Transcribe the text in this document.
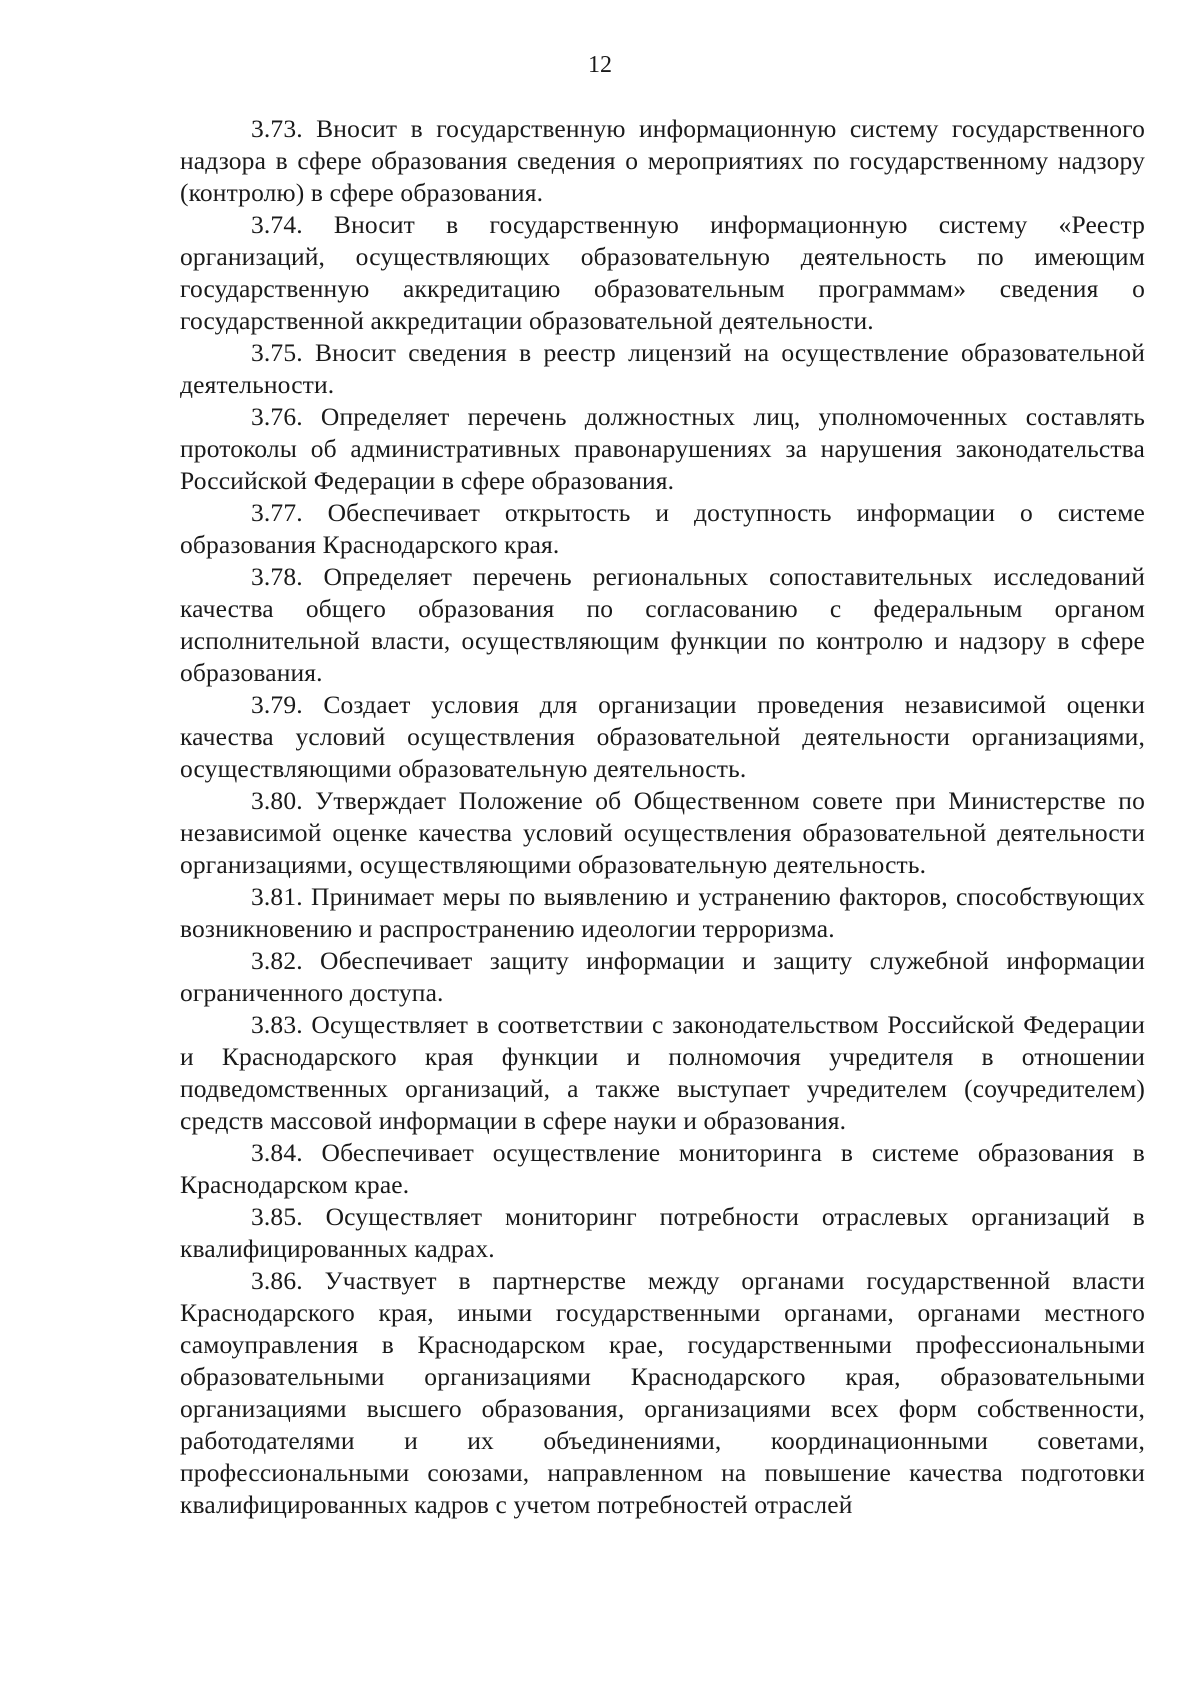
12

3.73. Вносит в государственную информационную систему государственного надзора в сфере образования сведения о мероприятиях по государственному надзору (контролю) в сфере образования.

3.74. Вносит в государственную информационную систему «Реестр организаций, осуществляющих образовательную деятельность по имеющим государственную аккредитацию образовательным программам» сведения о государственной аккредитации образовательной деятельности.

3.75. Вносит сведения в реестр лицензий на осуществление образовательной деятельности.

3.76. Определяет перечень должностных лиц, уполномоченных составлять протоколы об административных правонарушениях за нарушения законодательства Российской Федерации в сфере образования.

3.77. Обеспечивает открытость и доступность информации о системе образования Краснодарского края.

3.78. Определяет перечень региональных сопоставительных исследований качества общего образования по согласованию с федеральным органом исполнительной власти, осуществляющим функции по контролю и надзору в сфере образования.

3.79. Создает условия для организации проведения независимой оценки качества условий осуществления образовательной деятельности организациями, осуществляющими образовательную деятельность.

3.80. Утверждает Положение об Общественном совете при Министерстве по независимой оценке качества условий осуществления образовательной деятельности организациями, осуществляющими образовательную деятельность.

3.81. Принимает меры по выявлению и устранению факторов, способствующих возникновению и распространению идеологии терроризма.

3.82. Обеспечивает защиту информации и защиту служебной информации ограниченного доступа.

3.83. Осуществляет в соответствии с законодательством Российской Федерации и Краснодарского края функции и полномочия учредителя в отношении подведомственных организаций, а также выступает учредителем (соучредителем) средств массовой информации в сфере науки и образования.

3.84. Обеспечивает осуществление мониторинга в системе образования в Краснодарском крае.

3.85. Осуществляет мониторинг потребности отраслевых организаций в квалифицированных кадрах.

3.86. Участвует в партнерстве между органами государственной власти Краснодарского края, иными государственными органами, органами местного самоуправления в Краснодарском крае, государственными профессиональными образовательными организациями Краснодарского края, образовательными организациями высшего образования, организациями всех форм собственности, работодателями и их объединениями, координационными советами, профессиональными союзами, направленном на повышение качества подготовки квалифицированных кадров с учетом потребностей отраслей
